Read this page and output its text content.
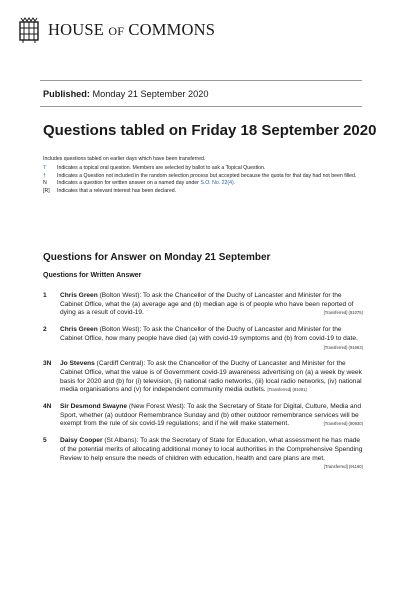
HOUSE OF COMMONS
Published: Monday 21 September 2020
Questions tabled on Friday 18 September 2020
Includes questions tabled on earlier days which have been transferred.
T	Indicates a topical oral question. Members are selected by ballot to ask a Topical Question.
†	Indicates a Question not included in the random selection process but accepted because the quota for that day had not been filled.
N	Indicates a question for written answer on a named day under S.O. No. 22(4).
[R]	Indicates that a relevant interest has been declared.
Questions for Answer on Monday 21 September
Questions for Written Answer
1	Chris Green (Bolton West): To ask the Chancellor of the Duchy of Lancaster and Minister for the Cabinet Office, what the (a) average age and (b) median age is of people who have been reported of dying as a result of covid-19.	[Transferred] (91075)
2	Chris Green (Bolton West): To ask the Chancellor of the Duchy of Lancaster and Minister for the Cabinet Office, how many people have died (a) with covid-19 symptoms and (b) from covid-19 to date.
[Transferred] (91663)
3N	Jo Stevens (Cardiff Central): To ask the Chancellor of the Duchy of Lancaster and Minister for the Cabinet Office, what the value is of Government covid-19 awareness advertising on (a) a week by week basis for 2020 and (b) for (i) television, (ii) national radio networks, (iii) local radio networks, (iv) national media organisations and (v) for independent community media outlets. [Transferred] (91081)
4N	Sir Desmond Swayne (New Forest West): To ask the Secretary of State for Digital, Culture, Media and Sport, whether (a) outdoor Remembrance Sunday and (b) other outdoor remembrance services will be exempt from the rule of six covid-19 regulations; and if he will make statement.	[Transferred] (90930)
5	Daisy Cooper (St Albans): To ask the Secretary of State for Education, what assessment he has made of the potential merits of allocating additional money to local authorities in the Comprehensive Spending Review to help ensure the needs of children with education, health and care plans are met.
[Transferred] (91160)
